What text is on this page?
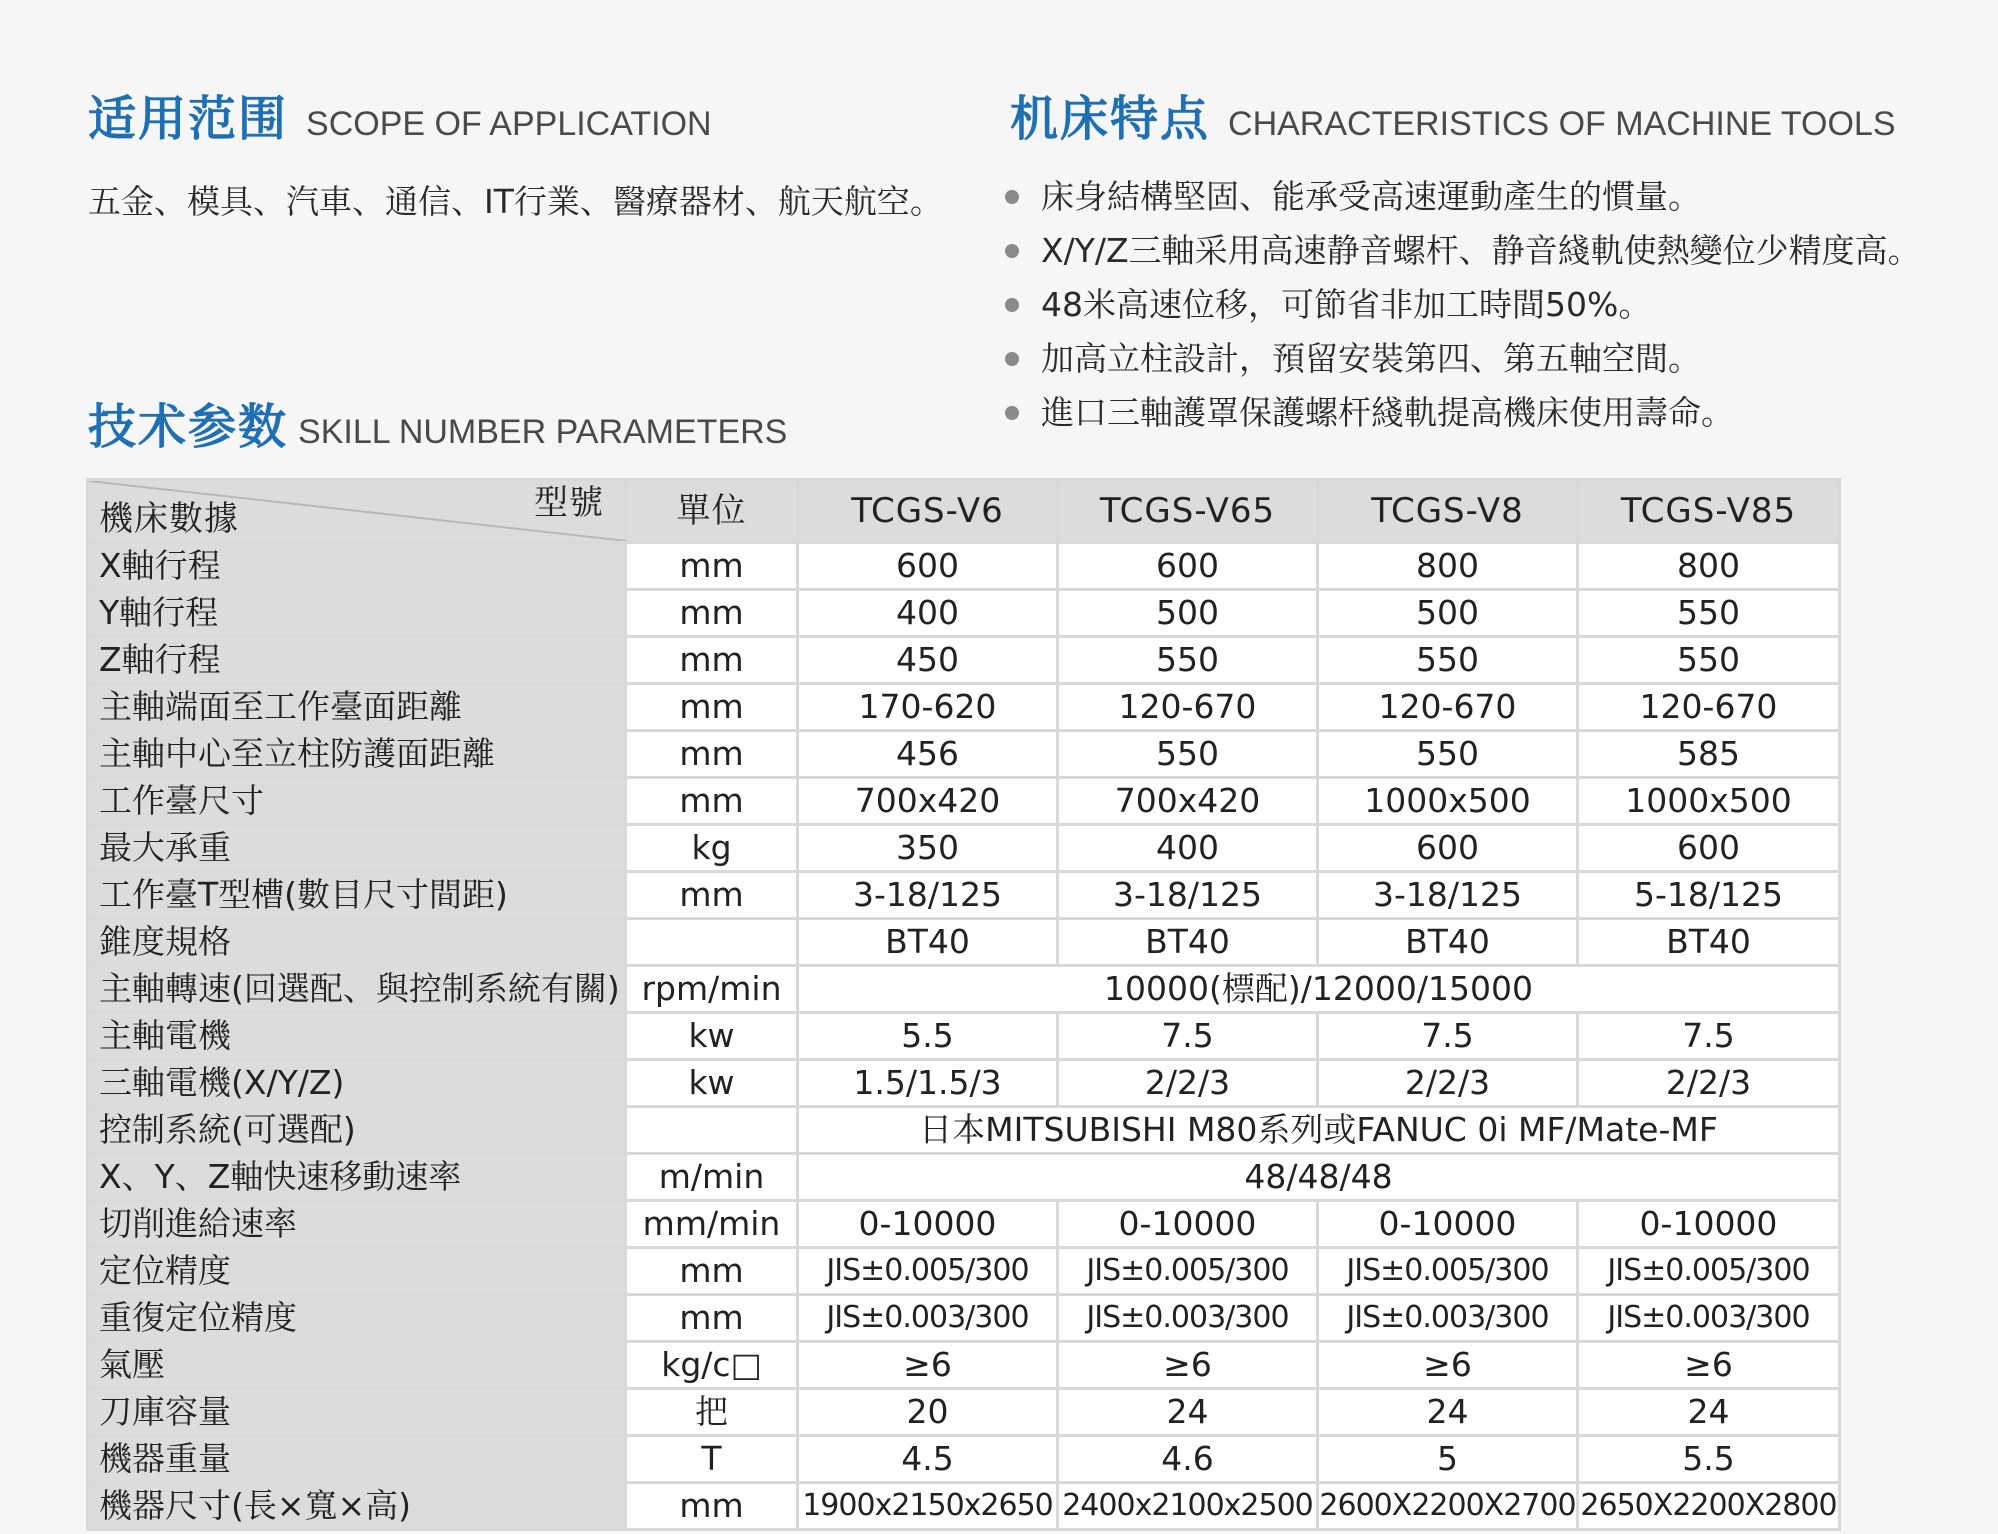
适用范围 SCOPE OF APPLICATION	机床特点 CHARACTERISTICS OF MACHINE TOOLS
五金、模具、汽車、通信、IT行業、醫療器材、航天航空。	床身結構堅固、能承受高速運動產生的慣量。
X/Y/Z三軸采用高速静音螺杆、静音綫軌使熱變位少精度高。
48米高速位移，可節省非加工時間50%。
加高立柱設計，預留安裝第四、第五軸空間。
進口三軸護罩保護螺杆綫軌提高機床使用壽命。
技术参数 SKILL NUMBER PARAMETERS
型號
機床數據	單位	TCGS-V6	TCGS-V65	TCGS-V8	TCGS-V85
X軸行程	mm	600	600	800	800
Y軸行程	mm	400	500	500	550
Z軸行程	mm	450	550	550	550
主軸端面至工作臺面距離	mm	170-620	120-670	120-670	120-670
主軸中心至立柱防護面距離	mm	456	550	550	585
工作臺尺寸	mm	700x420	700x420	1000x500	1000x500
最大承重	kg	350	400	600	600
工作臺T型槽(數目尺寸間距)	mm	3-18/125	3-18/125	3-18/125	5-18/125
錐度規格		BT40	BT40	BT40	BT40
主軸轉速(回選配、與控制系統有關)	rpm/min	10000(標配)/12000/15000			
主軸電機	kw	5.5	7.5	7.5	7.5
三軸電機(X/Y/Z)	kw	1.5/1.5/3	2/2/3	2/2/3	2/2/3
控制系統(可選配)		日本MITSUBISHI M80系列或FANUC 0i MF/Mate-MF			
X、Y、Z軸快速移動速率	m/min	48/48/48			
切削進給速率	mm/min	0-10000	0-10000	0-10000	0-10000
定位精度	mm	JIS±0.005/300	JIS±0.005/300	JIS±0.005/300	JIS±0.005/300
重復定位精度	mm	JIS±0.003/300	JIS±0.003/300	JIS±0.003/300	JIS±0.003/300
氣壓	kg/c□	≥6	≥6	≥6	≥6
刀庫容量	把	20	24	24	24
機器重量	T	4.5	4.6	5	5.5
機器尺寸(長×寬×高)	mm	1900x2150x2650	2400x2100x2500	2600X2200X2700	2650X2200X2800
